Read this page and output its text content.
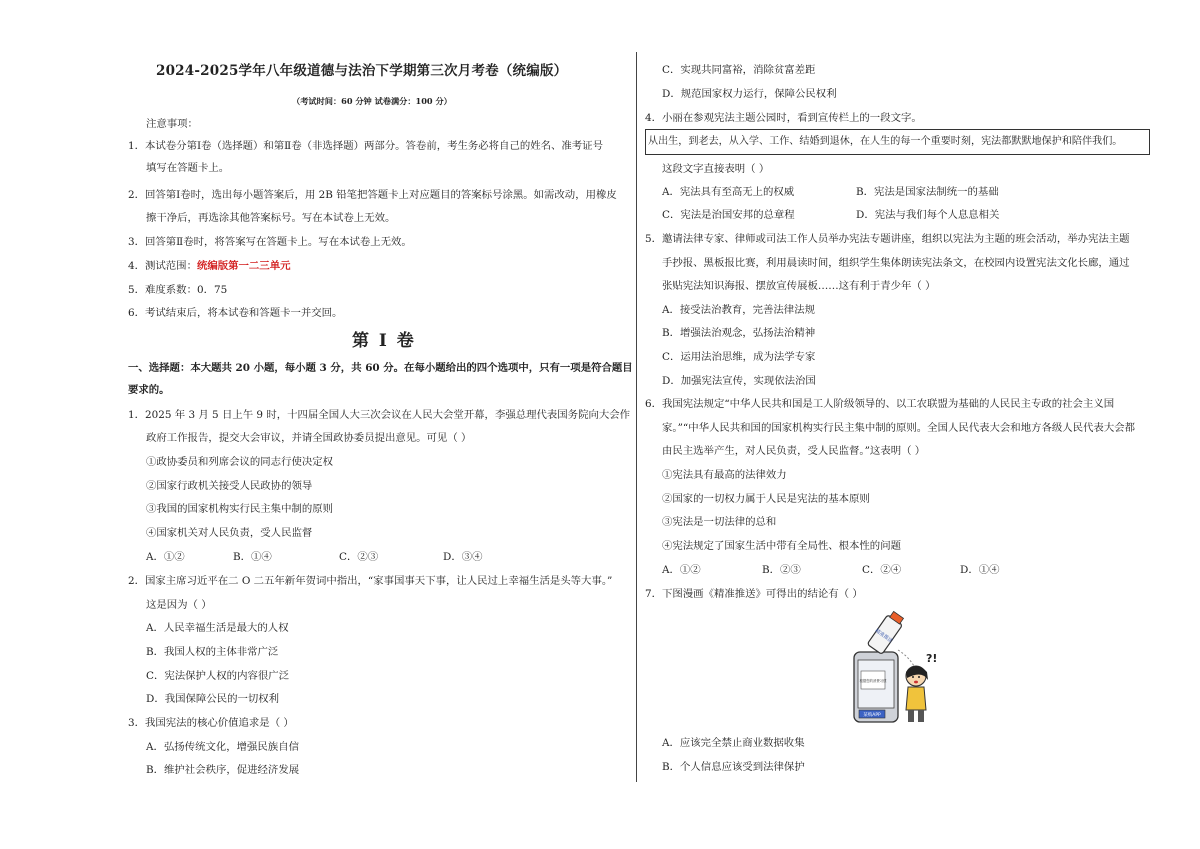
2024-2025学年八年级道德与法治下学期第三次月考卷（统编版）
（考试时间：60 分钟 试卷满分：100 分）
注意事项：
1．本试卷分第Ⅰ卷（选择题）和第Ⅱ卷（非选择题）两部分。答卷前，考生务必将自己的姓名、准考证号
填写在答题卡上。
2．回答第Ⅰ卷时，选出每小题答案后，用 2B 铅笔把答题卡上对应题目的答案标号涂黑。如需改动，用橡皮
擦干净后，再选涂其他答案标号。写在本试卷上无效。
3．回答第Ⅱ卷时，将答案写在答题卡上。写在本试卷上无效。
4．测试范围：统编版第一二三单元
5．难度系数：0．75
6．考试结束后，将本试卷和答题卡一并交回。
第 I 卷
一、选择题：本大题共 20 小题，每小题 3 分，共 60 分。在每小题给出的四个选项中，只有一项是符合题目
要求的。
1．2025 年 3 月 5 日上午 9 时，十四届全国人大三次会议在人民大会堂开幕，李强总理代表国务院向大会作
政府工作报告，提交大会审议，并请全国政协委员提出意见。可见（ ）
①政协委员和列席会议的同志行使决定权
②国家行政机关接受人民政协的领导
③我国的国家机构实行民主集中制的原则
④国家机关对人民负责，受人民监督
A．①②	B．①④	C．②③	D．③④
2．国家主席习近平在二 O 二五年新年贺词中指出，“家事国事天下事，让人民过上幸福生活是头等大事。”
这是因为（ ）
A．人民幸福生活是最大的人权
B．我国人权的主体非常广泛
C．宪法保护人权的内容很广泛
D．我国保障公民的一切权利
3．我国宪法的核心价值追求是（ ）
A．弘扬传统文化，增强民族自信
B．维护社会秩序，促进经济发展
C．实现共同富裕，消除贫富差距
D．规范国家权力运行，保障公民权利
4．小丽在参观宪法主题公园时，看到宣传栏上的一段文字。
从出生，到老去，从入学、工作、结婚到退休，在人生的每一个重要时刻，宪法都默默地保护和陪伴我们。
这段文字直接表明（ ）
A．宪法具有至高无上的权威	B．宪法是国家法制统一的基础
C．宪法是治国安邦的总章程	D．宪法与我们每个人息息相关
5．邀请法律专家、律师或司法工作人员举办宪法专题讲座，组织以宪法为主题的班会活动，举办宪法主题
手抄报、黑板报比赛，利用晨读时间，组织学生集体朗读宪法条文，在校园内设置宪法文化长廊，通过
张贴宪法知识海报、摆放宣传展板……这有利于青少年（ ）
A．接受法治教育，完善法律法规
B．增强法治观念，弘扬法治精神
C．运用法治思维，成为法学专家
D．加强宪法宣传，实现依法治国
6．我国宪法规定“中华人民共和国是工人阶级领导的、以工农联盟为基础的人民民主专政的社会主义国
家。”“中华人民共和国的国家机构实行民主集中制的原则。全国人民代表大会和地方各级人民代表大会都
由民主选举产生，对人民负责，受人民监督。”这表明（ ）
①宪法具有最高的法律效力
②国家的一切权力属于人民是宪法的基本原则
③宪法是一切法律的总和
④宪法规定了国家生活中带有全局性、根本性的问题
A．①②	B．②③	C．②④	D．①④
7．下图漫画《精准推送》可得出的结论有（ ）
根据您的消费习惯
某购APP
精准推送
?!
A．应该完全禁止商业数据收集
B．个人信息应该受到法律保护
